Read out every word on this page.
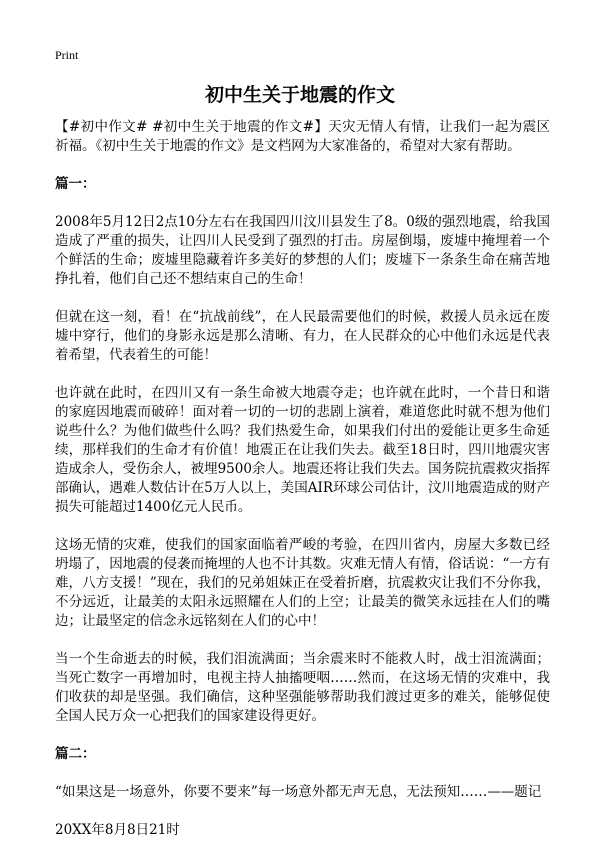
Print
初中生关于地震的作文

【#初中作文# #初中生关于地震的作文#】天灾无情人有情，让我们一起为震区祈福。《初中生关于地震的作文》是文档网为大家准备的，希望对大家有帮助。

篇一：

2008年5月12日2点10分左右在我国四川汶川县发生了8。0级的强烈地震，给我国造成了严重的损失，让四川人民受到了强烈的打击。房屋倒塌，废墟中掩埋着一个个鲜活的生命；废墟里隐藏着许多美好的梦想的人们；废墟下一条条生命在痛苦地挣扎着，他们自己还不想结束自己的生命！

但就在这一刻，看！在“抗战前线”，在人民最需要他们的时候，救援人员永远在废墟中穿行，他们的身影永远是那么清晰、有力，在人民群众的心中他们永远是代表着希望，代表着生的可能！

也许就在此时，在四川又有一条生命被大地震夺走；也许就在此时，一个昔日和谐的家庭因地震而破碎！面对着一切的一切的悲剧上演着，难道您此时就不想为他们说些什么？为他们做些什么吗？我们热爱生命，如果我们付出的爱能让更多生命延续，那样我们的生命才有价值！地震正在让我们失去。截至18日时，四川地震灾害造成余人，受伤余人，被埋9500余人。地震还将让我们失去。国务院抗震救灾指挥部确认，遇难人数估计在5万人以上，美国AIR环球公司估计，汶川地震造成的财产损失可能超过1400亿元人民币。

这场无情的灾难，使我们的国家面临着严峻的考验，在四川省内，房屋大多数已经坍塌了，因地震的侵袭而掩埋的人也不计其数。灾难无情人有情，俗话说：“一方有难，八方支援！”现在，我们的兄弟姐妹正在受着折磨，抗震救灾让我们不分你我，不分远近，让最美的太阳永远照耀在人们的上空；让最美的微笑永远挂在人们的嘴边；让最坚定的信念永远铭刻在人们的心中！

当一个生命逝去的时候，我们泪流满面；当余震来时不能救人时，战士泪流满面；当死亡数字一再增加时，电视主持人抽搐哽咽……然而，在这场无情的灾难中，我们收获的却是坚强。我们确信，这种坚强能够帮助我们渡过更多的难关，能够促使全国人民万众一心把我们的国家建设得更好。

篇二：

“如果这是一场意外，你要不要来”每一场意外都无声无息，无法预知……——题记

20XX年8月8日21时
